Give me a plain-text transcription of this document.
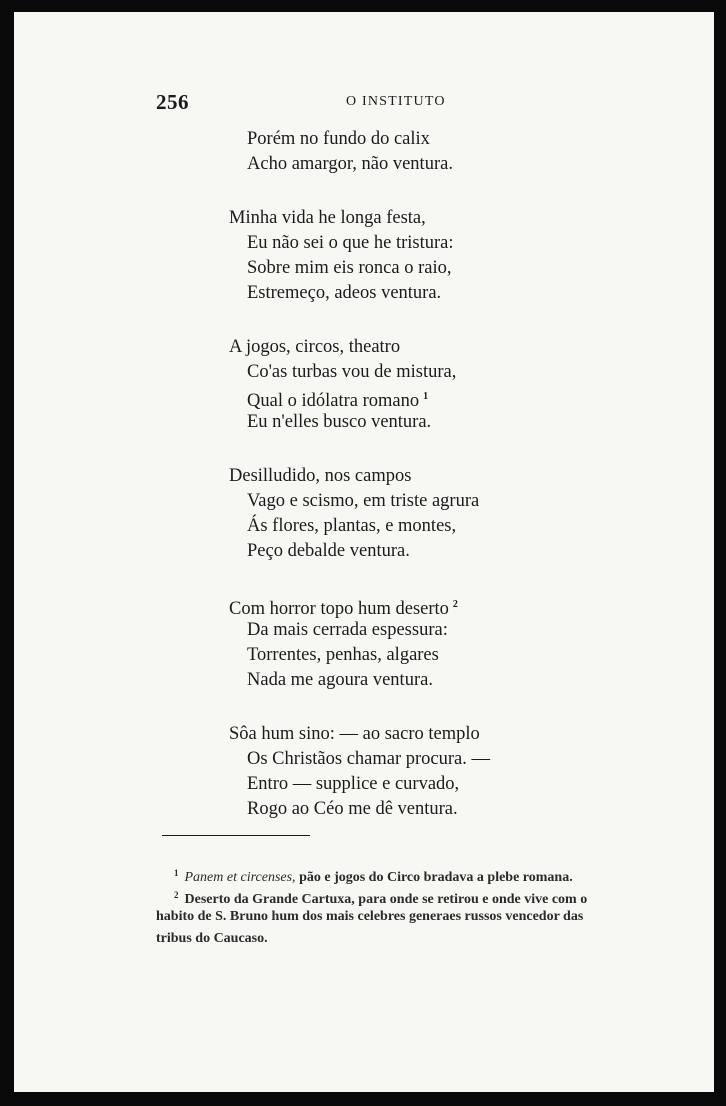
256	O INSTITUTO
Porém no fundo do calix
Acho amargor, não ventura.
Minha vida he longa festa,
Eu não sei o que he tristura:
Sobre mim eis ronca o raio,
Estremeço, adeos ventura.
A jogos, circos, theatro
Co'as turbas vou de mistura,
Qual o idólatra romano $^1$
Eu n'elles busco ventura.
Desilludido, nos campos
Vago e scismo, em triste agrura
Ás flores, plantas, e montes,
Peço debalde ventura.
Com horror topo hum deserto $^2$
Da mais cerrada espessura:
Torrentes, penhas, algares
Nada me agoura ventura.
Sôa hum sino: — ao sacro templo
Os Christãos chamar procura. —
Entro — supplice e curvado,
Rogo ao Céo me dê ventura.
$^1$ Panem et circenses, pão e jogos do Circo bradava a plebe romana.
$^2$ Deserto da Grande Cartuxa, para onde se retirou e onde vive com o
habito de S. Bruno hum dos mais celebres generaes russos vencedor das
tribus do Caucaso.
